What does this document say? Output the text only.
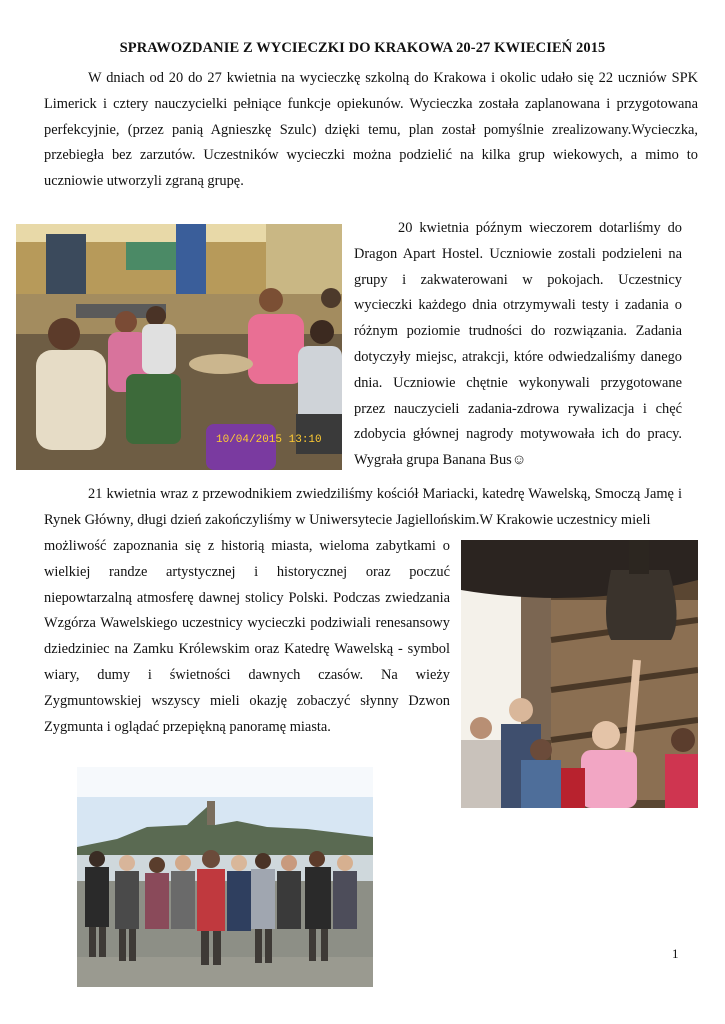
SPRAWOZDANIE Z WYCIECZKI DO KRAKOWA 20-27 KWIECIEŃ 2015
W dniach od 20 do 27 kwietnia na wycieczkę szkolną do Krakowa i okolic udało się 22 uczniów SPK Limerick i cztery nauczycielki pełniące funkcje opiekunów. Wycieczka została zaplanowana i przygotowana perfekcyjnie, (przez panią Agnieszkę Szulc) dzięki temu, plan został pomyślnie zrealizowany.Wycieczka, przebiegła bez zarzutów. Uczestników wycieczki można podzielić na kilka grup wiekowych, a mimo to uczniowie utworzyli zgraną grupę.
10/04/2015 13:10
20 kwietnia późnym wieczorem dotarliśmy do Dragon Apart Hostel. Uczniowie zostali podzieleni na grupy i zakwaterowani w pokojach. Uczestnicy wycieczki każdego dnia otrzymywali testy i zadania o różnym poziomie trudności do rozwiązania. Zadania dotyczyły miejsc, atrakcji, które odwiedzaliśmy danego dnia. Uczniowie chętnie wykonywali przygotowane przez nauczycieli zadania-zdrowa rywalizacja i chęć zdobycia głównej nagrody motywowała ich do pracy. Wygrała grupa Banana Bus☺
21 kwietnia wraz z przewodnikiem zwiedziliśmy kościół Mariacki, katedrę Wawelską, Smoczą Jamę i Rynek Główny, długi dzień zakończyliśmy w Uniwersytecie Jagiellońskim.W Krakowie uczestnicy mieli
możliwość zapoznania się z historią miasta, wieloma zabytkami o wielkiej randze artystycznej i historycznej oraz poczuć niepowtarzalną atmosferę dawnej stolicy Polski. Podczas zwiedzania Wzgórza Wawelskiego uczestnicy wycieczki podziwiali renesansowy dziedziniec na Zamku Królewskim oraz Katedrę Wawelską - symbol wiary, dumy i świetności dawnych czasów. Na wieży Zygmuntowskiej wszyscy mieli okazję zobaczyć słynny Dzwon Zygmunta i oglądać przepiękną panoramę miasta.
1
